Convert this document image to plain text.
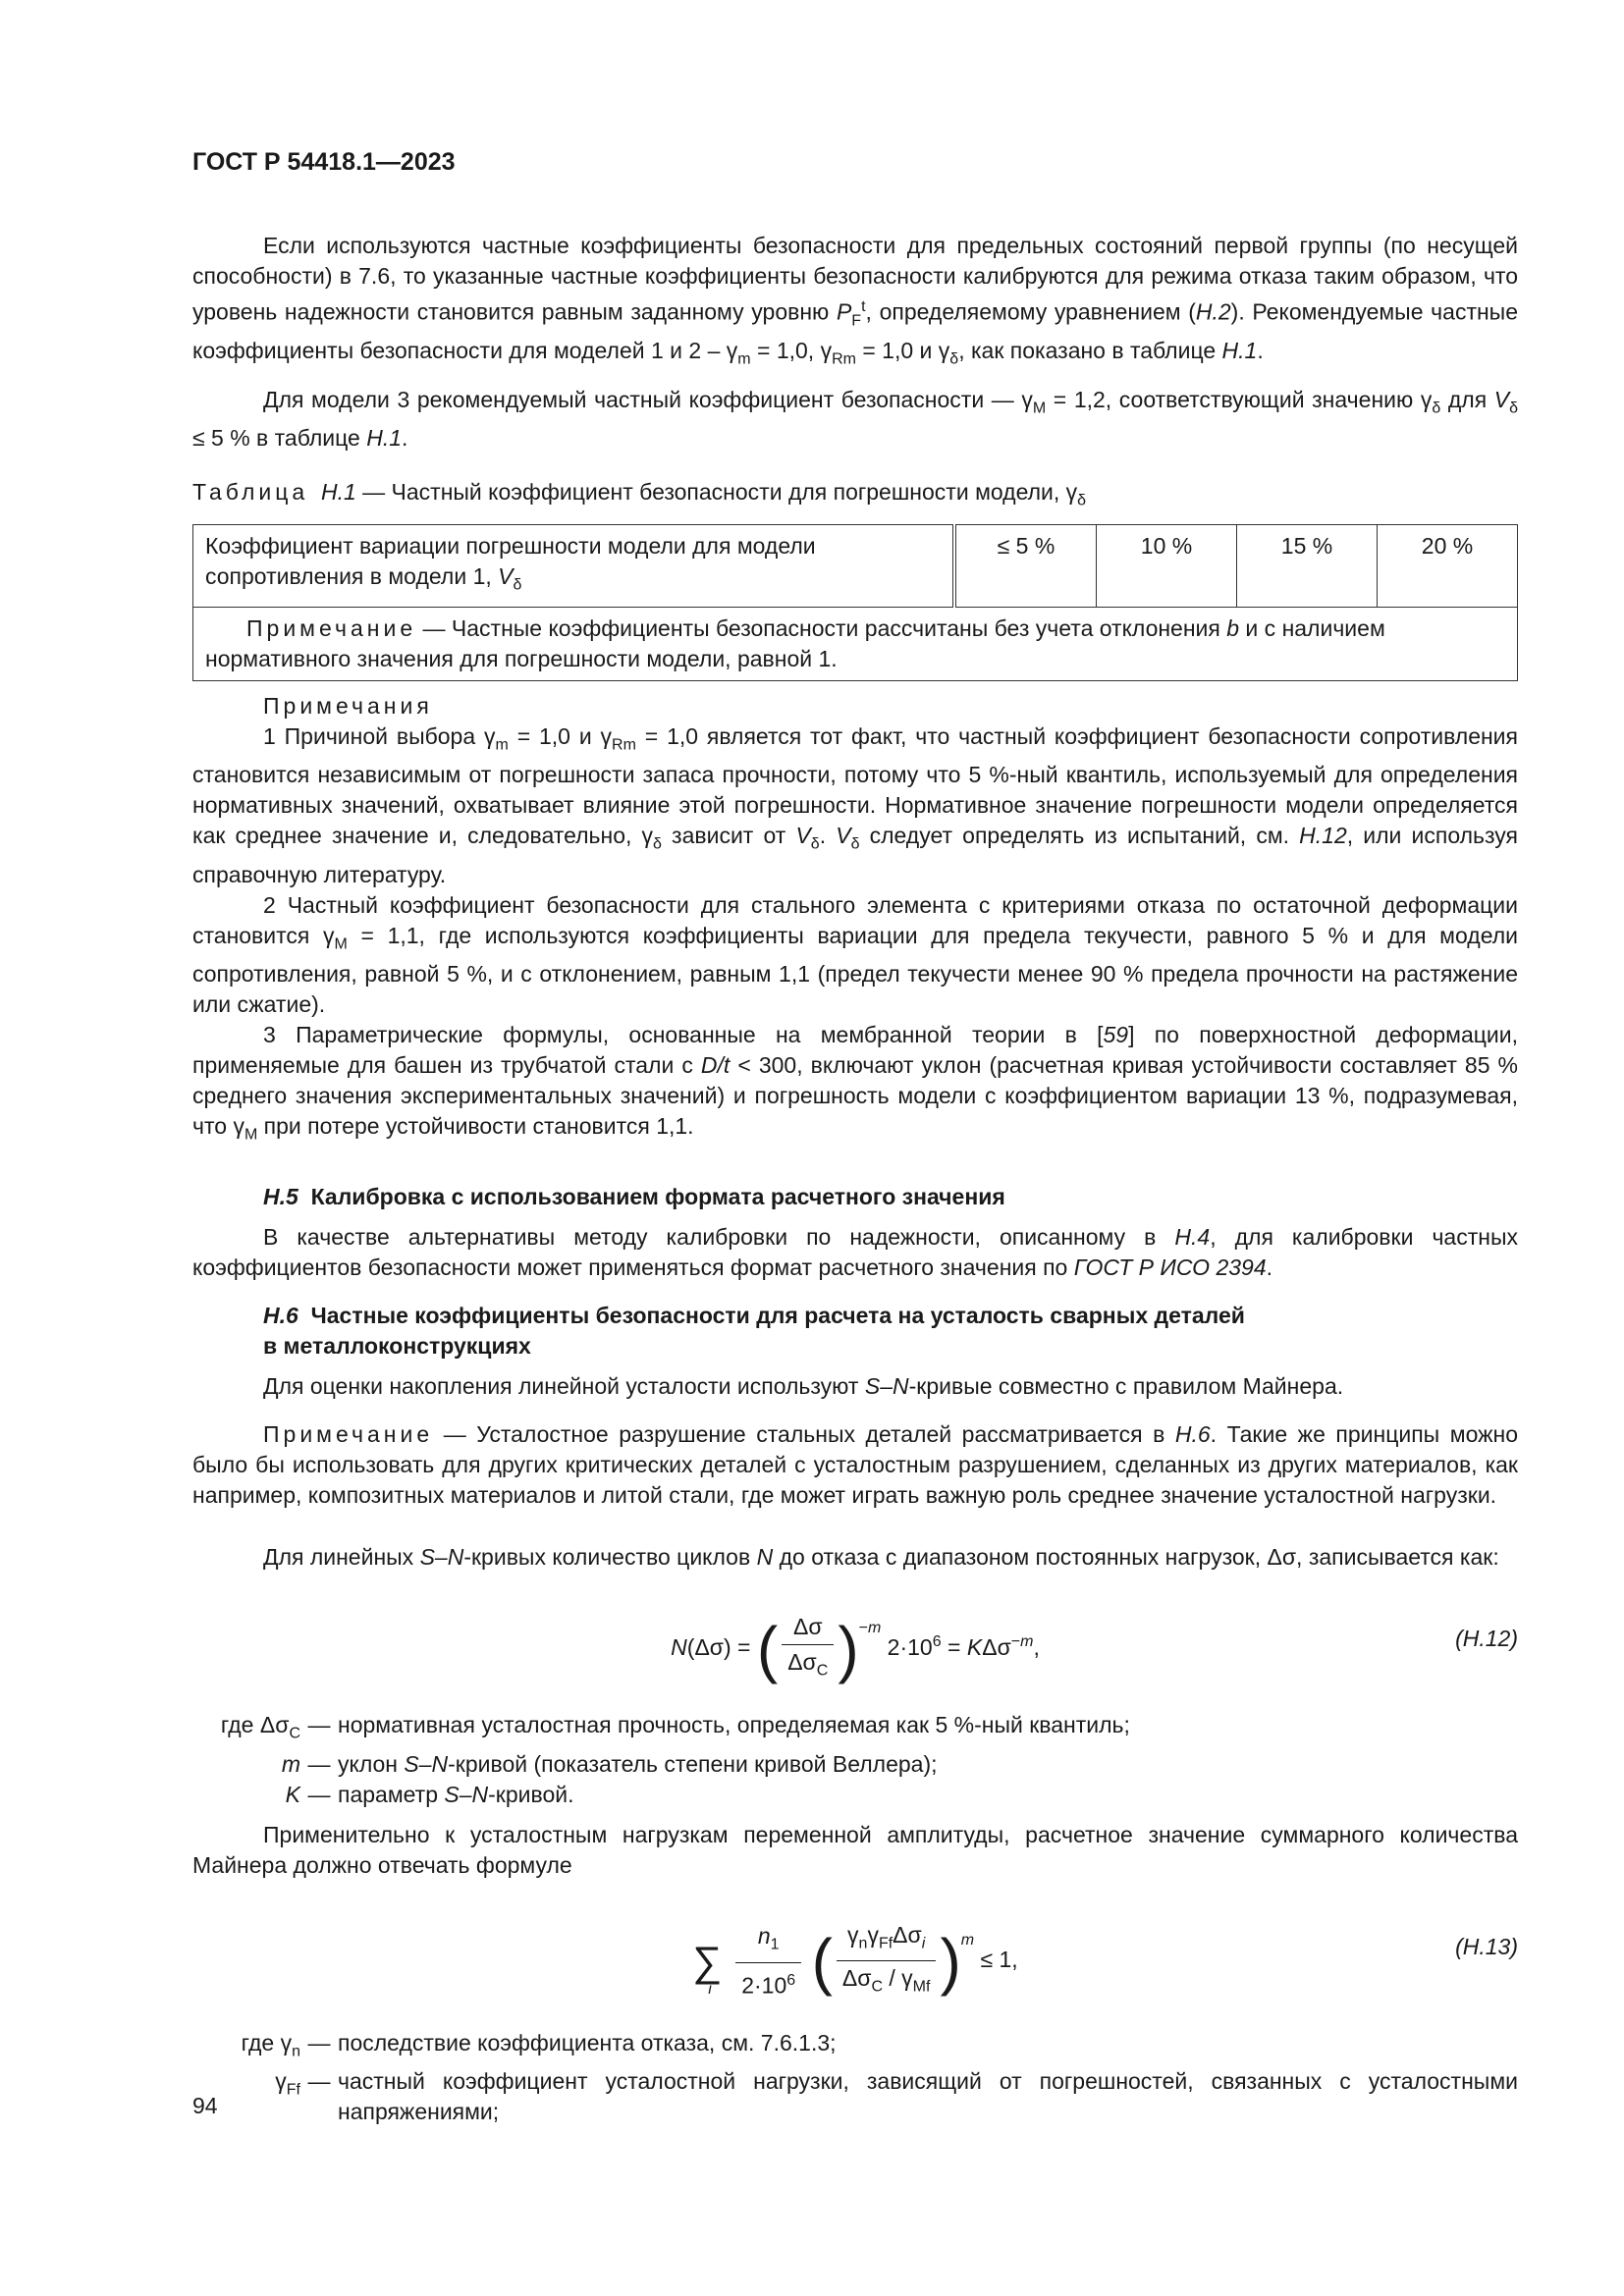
ГОСТ Р 54418.1—2023

Если используются частные коэффициенты безопасности для предельных состояний первой группы (по несущей способности) в 7.6, то указанные частные коэффициенты безопасности калибруются для режима отказа таким образом, что уровень надежности становится равным заданному уровню $P_F^t$, определяемому уравнением (H.2). Рекомендуемые частные коэффициенты безопасности для моделей 1 и $2 - \gamma_m = 1,0$, $\gamma_{Rm} = 1,0$ и $\gamma_\delta$, как показано в таблице H.1.

Для модели 3 рекомендуемый частный коэффициент безопасности — $\gamma_M = 1,2$, соответствующий значению $\gamma_\delta$ для $V_\delta \le 5$ % в таблице H.1.

Таблица H.1 — Частный коэффициент безопасности для погрешности модели, $\gamma_\delta$

Коэффициент вариации погрешности модели для модели сопротивления в модели 1, $V_\delta$	≤ 5 %	10 %	15 %	20 %
Примечание — Частные коэффициенты безопасности рассчитаны без учета отклонения b и с наличием нормативного значения для погрешности модели, равной 1.

Примечания

1 Причиной выбора $\gamma_m = 1,0$ и $\gamma_{Rm} = 1,0$ является тот факт, что частный коэффициент безопасности сопротивления становится независимым от погрешности запаса прочности, потому что 5 %-ный квантиль, используемый для определения нормативных значений, охватывает влияние этой погрешности. Нормативное значение погрешности модели определяется как среднее значение и, следовательно, $\gamma_\delta$ зависит от $V_\delta$. $V_\delta$ следует определять из испытаний, см. H.12, или используя справочную литературу.

2 Частный коэффициент безопасности для стального элемента с критериями отказа по остаточной деформации становится $\gamma_M = 1,1$, где используются коэффициенты вариации для предела текучести, равного 5 % и для модели сопротивления, равной 5 %, и с отклонением, равным 1,1 (предел текучести менее 90 % предела прочности на растяжение или сжатие).

3 Параметрические формулы, основанные на мембранной теории в [59] по поверхностной деформации, применяемые для башен из трубчатой стали с D/t < 300, включают уклон (расчетная кривая устойчивости составляет 85 % среднего значения экспериментальных значений) и погрешность модели с коэффициентом вариации 13 %, подразумевая, что $\gamma_M$ при потере устойчивости становится 1,1.

H.5 Калибровка с использованием формата расчетного значения

В качестве альтернативы методу калибровки по надежности, описанному в H.4, для калибровки частных коэффициентов безопасности может применяться формат расчетного значения по ГОСТ Р ИСО 2394.

H.6 Частные коэффициенты безопасности для расчета на усталость сварных деталей
в металлоконструкциях

Для оценки накопления линейной усталости используют S–N-кривые совместно с правилом Майнера.

Примечание — Усталостное разрушение стальных деталей рассматривается в H.6. Такие же принципы можно было бы использовать для других критических деталей с усталостным разрушением, сделанных из других материалов, как например, композитных материалов и литой стали, где может играть важную роль среднее значение усталостной нагрузки.

Для линейных S–N-кривых количество циклов N до отказа с диапазоном постоянных нагрузок, Δσ, записывается как:

N(Δσ) = ( $\frac{\Delta\sigma}{\Delta\sigma_C} )^{-m}$ $2\cdot 10^6 = K\Delta\sigma^{-m}$,	(H.12)
где $\Delta\sigma_C$ — нормативная усталостная прочность, определяемая как 5 %-ный квантиль;
m — уклон S–N-кривой (показатель степени кривой Веллера);
K — параметр S–N-кривой.

Применительно к усталостным нагрузкам переменной амплитуды, расчетное значение суммарного количества Майнера должно отвечать формуле

$\sum_i \frac{n_1}{2\cdot 10^6}$ ( $\frac{\gamma_n\gamma_{Ff}\Delta\sigma_i}{\Delta\sigma_C / \gamma_{Mf}} )^m \le 1$,
(H.13)
где $\gamma_n$ — последствие коэффициента отказа, см. 7.6.1.3;
$\gamma_{Ff}$ — частный коэффициент усталостной нагрузки, зависящий от погрешностей, связанных с усталостными напряжениями;
94
